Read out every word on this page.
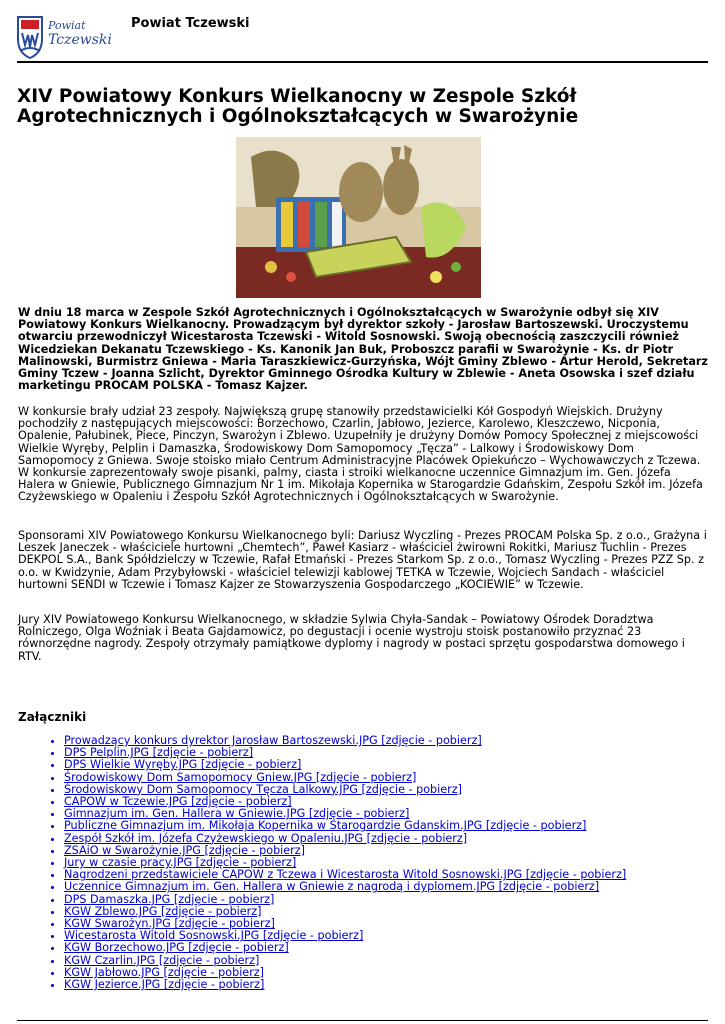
Powiat
Tczewski
Powiat Tczewski
XIV Powiatowy Konkurs Wielkanocny w Zespole Szkół Agrotechnicznych i Ogólnokształcących w Swarożynie

W dniu 18 marca w Zespole Szkół Agrotechnicznych i Ogólnokształcących w Swarożynie odbył się XIV Powiatowy Konkurs Wielkanocny. Prowadzącym był dyrektor szkoły - Jarosław Bartoszewski. Uroczystemu otwarciu przewodniczył Wicestarosta Tczewski - Witold Sosnowski. Swoją obecnością zaszczycili również Wicedziekan Dekanatu Tczewskiego - Ks. Kanonik Jan Buk, Proboszcz parafii w Swarożynie - Ks. dr Piotr Malinowski, Burmistrz Gniewa - Maria Taraszkiewicz-Gurzyńska, Wójt Gminy Zblewo - Artur Herold, Sekretarz Gminy Tczew - Joanna Szlicht, Dyrektor Gminnego Ośrodka Kultury w Zblewie - Aneta Osowska i szef działu marketingu PROCAM POLSKA - Tomasz Kajzer.

W konkursie brały udział 23 zespoły. Największą grupę stanowiły przedstawicielki Kół Gospodyń Wiejskich. Drużyny pochodziły z następujących miejscowości: Borzechowo, Czarlin, Jabłowo, Jezierce, Karolewo, Kleszczewo, Nicponia, Opalenie, Pałubinek, Piece, Pinczyn, Swarożyn i Zblewo. Uzupełniły je drużyny Domów Pomocy Społecznej z miejscowości Wielkie Wyręby, Pelplin i Damaszka, Środowiskowy Dom Samopomocy „Tęcza” - Lalkowy i Środowiskowy Dom Samopomocy z Gniewa. Swoje stoisko miało Centrum Administracyjne Placówek Opiekuńczo – Wychowawczych z Tczewa. W konkursie zaprezentowały swoje pisanki, palmy, ciasta i stroiki wielkanocne uczennice Gimnazjum im. Gen. Józefa Halera w Gniewie, Publicznego Gimnazjum Nr 1 im. Mikołaja Kopernika w Starogardzie Gdańskim, Zespołu Szkół im. Józefa Czyżewskiego w Opaleniu i Zespołu Szkół Agrotechnicznych i Ogólnokształcących w Swarożynie.

Sponsorami XIV Powiatowego Konkursu Wielkanocnego byli: Dariusz Wyczling - Prezes PROCAM Polska Sp. z o.o., Grażyna i Leszek Janeczek - właściciele hurtowni „Chemtech”, Paweł Kasiarz - właściciel żwirowni Rokitki, Mariusz Tuchlin - Prezes DEKPOL S.A., Bank Spółdzielczy w Tczewie, Rafał Etmański - Prezes Starkom Sp. z o.o., Tomasz Wyczling - Prezes PZZ Sp. z o.o. w Kwidzynie, Adam Przybyłowski - właściciel telewizji kablowej TETKA w Tczewie, Wojciech Sandach - właściciel hurtowni SENDI w Tczewie i Tomasz Kajzer ze Stowarzyszenia Gospodarczego „KOCIEWIE” w Tczewie.

Jury XIV Powiatowego Konkursu Wielkanocnego, w składzie Sylwia Chyła-Sandak – Powiatowy Ośrodek Doradztwa Rolniczego, Olga Woźniak i Beata Gajdamowicz, po degustacji i ocenie wystroju stoisk postanowiło przyznać 23 równorzędne nagrody. Zespoły otrzymały pamiątkowe dyplomy i nagrody w postaci sprzętu gospodarstwa domowego i RTV.

Załączniki
• Prowadzący konkurs dyrektor Jarosław Bartoszewski.JPG [zdjęcie - pobierz]
• DPS Pelplin.JPG [zdjęcie - pobierz]
• DPS Wielkie Wyręby.JPG [zdjęcie - pobierz]
• Środowiskowy Dom Samopomocy Gniew.JPG [zdjęcie - pobierz]
• Środowiskowy Dom Samopomocy Tęcza Lalkowy.JPG [zdjęcie - pobierz]
• CAPOW w Tczewie.JPG [zdjęcie - pobierz]
• Gimnazjum im. Gen. Hallera w Gniewie.JPG [zdjęcie - pobierz]
• Publiczne Gimnazjum im. Mikołaja Kopernika w Starogardzie Gdanskim.JPG [zdjęcie - pobierz]
• Zespół Szkół im. Józefa Czyżewskiego w Opaleniu.JPG [zdjęcie - pobierz]
• ZSAiO w Swarożynie.JPG [zdjęcie - pobierz]
• Jury w czasie pracy.JPG [zdjęcie - pobierz]
• Nagrodzeni przedstawiciele CAPOW z Tczewa i Wicestarosta Witold Sosnowski.JPG [zdjęcie - pobierz]
• Uczennice Gimnazjum im. Gen. Hallera w Gniewie z nagrodą i dyplomem.JPG [zdjęcie - pobierz]
• DPS Damaszka.JPG [zdjęcie - pobierz]
• KGW Zblewo.JPG [zdjęcie - pobierz]
• KGW Swarożyn.JPG [zdjęcie - pobierz]
• Wicestarosta Witold Sosnowski.JPG [zdjęcie - pobierz]
• KGW Borzechowo.JPG [zdjęcie - pobierz]
• KGW Czarlin.JPG [zdjęcie - pobierz]
• KGW Jabłowo.JPG [zdjęcie - pobierz]
• KGW Jezierce.JPG [zdjęcie - pobierz]
